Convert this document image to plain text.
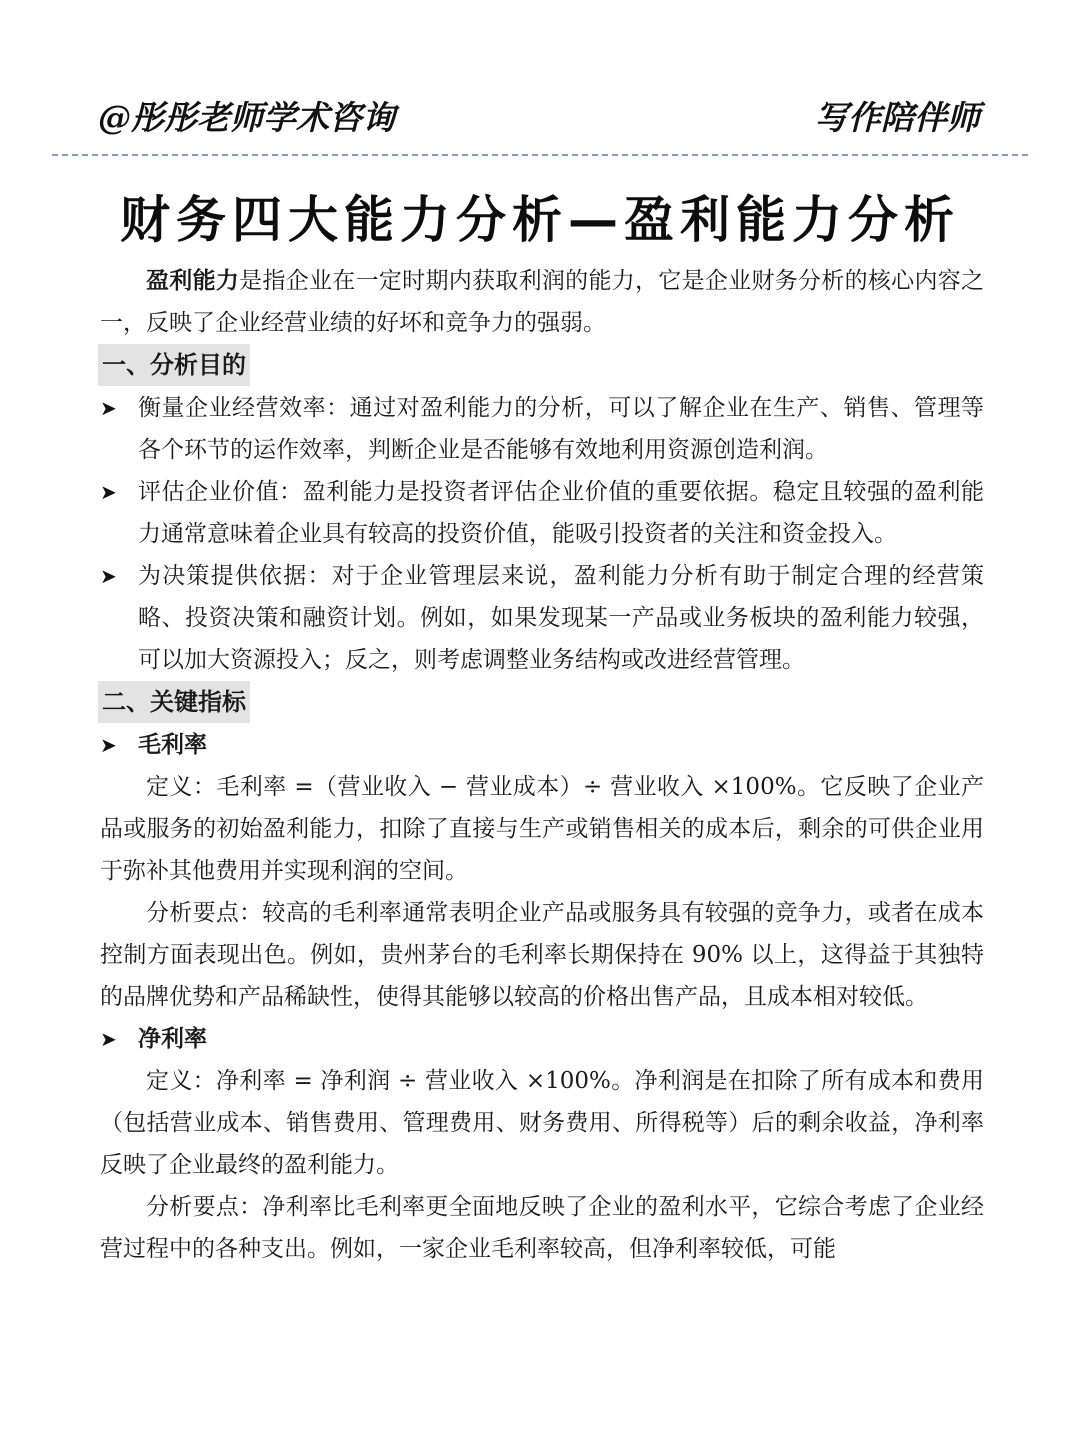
@彤彤老师学术咨询	写作陪伴师
财务四大能力分析—盈利能力分析

盈利能力是指企业在一定时期内获取利润的能力，它是企业财务分析的核心内容之一，反映了企业经营业绩的好坏和竞争力的强弱。

一、分析目的
➤ 衡量企业经营效率：通过对盈利能力的分析，可以了解企业在生产、销售、管理等各个环节的运作效率，判断企业是否能够有效地利用资源创造利润。
➤ 评估企业价值：盈利能力是投资者评估企业价值的重要依据。稳定且较强的盈利能力通常意味着企业具有较高的投资价值，能吸引投资者的关注和资金投入。
➤ 为决策提供依据：对于企业管理层来说，盈利能力分析有助于制定合理的经营策略、投资决策和融资计划。例如，如果发现某一产品或业务板块的盈利能力较强，可以加大资源投入；反之，则考虑调整业务结构或改进经营管理。
二、关键指标
➤ 毛利率

定义：毛利率 =（营业收入 − 营业成本）÷ 营业收入 ×100%。它反映了企业产品或服务的初始盈利能力，扣除了直接与生产或销售相关的成本后，剩余的可供企业用于弥补其他费用并实现利润的空间。

分析要点：较高的毛利率通常表明企业产品或服务具有较强的竞争力，或者在成本控制方面表现出色。例如，贵州茅台的毛利率长期保持在 90% 以上，这得益于其独特的品牌优势和产品稀缺性，使得其能够以较高的价格出售产品，且成本相对较低。

➤ 净利率

定义：净利率 = 净利润 ÷ 营业收入 ×100%。净利润是在扣除了所有成本和费用（包括营业成本、销售费用、管理费用、财务费用、所得税等）后的剩余收益，净利率反映了企业最终的盈利能力。

分析要点：净利率比毛利率更全面地反映了企业的盈利水平，它综合考虑了企业经营过程中的各种支出。例如，一家企业毛利率较高，但净利率较低，可能
